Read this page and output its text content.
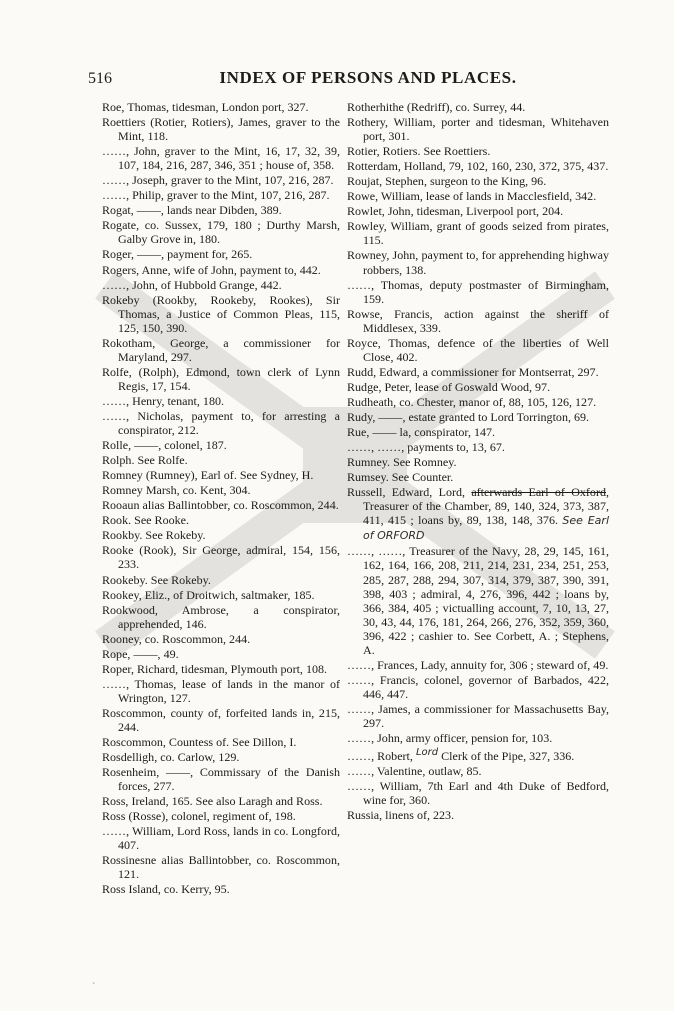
516	INDEX OF PERSONS AND PLACES.

Roe, Thomas, tidesman, London port, 327.

Roettiers (Rotier, Rotiers), James, graver to the Mint, 118.

……, John, graver to the Mint, 16, 17, 32, 39, 107, 184, 216, 287, 346, 351 ; house of, 358.

……, Joseph, graver to the Mint, 107, 216, 287.

……, Philip, graver to the Mint, 107, 216, 287.

Rogat, ——, lands near Dibden, 389.

Rogate, co. Sussex, 179, 180 ; Durthy Marsh, Galby Grove in, 180.

Roger, ——, payment for, 265.

Rogers, Anne, wife of John, payment to, 442.

……, John, of Hubbold Grange, 442.

Rokeby (Rookby, Rookeby, Rookes), Sir Thomas, a Justice of Common Pleas, 115, 125, 150, 390.

Rokotham, George, a commissioner for Maryland, 297.

Rolfe, (Rolph), Edmond, town clerk of Lynn Regis, 17, 154.

……, Henry, tenant, 180.

……, Nicholas, payment to, for arresting a conspirator, 212.

Rolle, ——, colonel, 187.

Rolph. See Rolfe.

Romney (Rumney), Earl of. See Sydney, H.

Romney Marsh, co. Kent, 304.

Rooaun alias Ballintobber, co. Roscommon, 244.

Rook. See Rooke.

Rookby. See Rokeby.

Rooke (Rook), Sir George, admiral, 154, 156, 233.

Rookeby. See Rokeby.

Rookey, Eliz., of Droitwich, saltmaker, 185.

Rookwood, Ambrose, a conspirator, apprehended, 146.

Rooney, co. Roscommon, 244.

Rope, ——, 49.

Roper, Richard, tidesman, Plymouth port, 108.

……, Thomas, lease of lands in the manor of Wrington, 127.

Roscommon, county of, forfeited lands in, 215, 244.

Roscommon, Countess of. See Dillon, I.

Rosdelligh, co. Carlow, 129.

Rosenheim, ——, Commissary of the Danish forces, 277.

Ross, Ireland, 165. See also Laragh and Ross.

Ross (Rosse), colonel, regiment of, 198.

……, William, Lord Ross, lands in co. Longford, 407.

Rossinesne alias Ballintobber, co. Roscommon, 121.

Ross Island, co. Kerry, 95.

Rotherhithe (Redriff), co. Surrey, 44.

Rothery, William, porter and tidesman, Whitehaven port, 301.

Rotier, Rotiers. See Roettiers.

Rotterdam, Holland, 79, 102, 160, 230, 372, 375, 437.

Roujat, Stephen, surgeon to the King, 96.

Rowe, William, lease of lands in Macclesfield, 342.

Rowlet, John, tidesman, Liverpool port, 204.

Rowley, William, grant of goods seized from pirates, 115.

Rowney, John, payment to, for apprehending highway robbers, 138.

……, Thomas, deputy postmaster of Birmingham, 159.

Rowse, Francis, action against the sheriff of Middlesex, 339.

Royce, Thomas, defence of the liberties of Well Close, 402.

Rudd, Edward, a commissioner for Montserrat, 297.

Rudge, Peter, lease of Goswald Wood, 97.

Rudheath, co. Chester, manor of, 88, 105, 126, 127.

Rudy, ——, estate granted to Lord Torrington, 69.

Rue, —— la, conspirator, 147.

……, ……, payments to, 13, 67.

Rumney. See Romney.

Rumsey. See Counter.

Russell, Edward, Lord, afterwards Earl of Oxford, Treasurer of the Chamber, 89, 140, 324, 373, 387, 411, 415 ; loans by, 89, 138, 148, 376. See Earl of ORFORD

……, ……, Treasurer of the Navy, 28, 29, 145, 161, 162, 164, 166, 208, 211, 214, 231, 234, 251, 253, 285, 287, 288, 294, 307, 314, 379, 387, 390, 391, 398, 403 ; admiral, 4, 276, 396, 442 ; loans by, 366, 384, 405 ; victualling account, 7, 10, 13, 27, 30, 43, 44, 176, 181, 264, 266, 276, 352, 359, 360, 396, 422 ; cashier to. See Corbett, A. ; Stephens, A.

……, Frances, Lady, annuity for, 306 ; steward of, 49.

……, Francis, colonel, governor of Barbados, 422, 446, 447.

……, James, a commissioner for Massachusetts Bay, 297.

……, John, army officer, pension for, 103.

……, Robert, $^{Lord}$ Clerk of the Pipe, 327, 336.

……, Valentine, outlaw, 85.

……, William, 7th Earl and 4th Duke of Bedford, wine for, 360.

Russia, linens of, 223.

`
